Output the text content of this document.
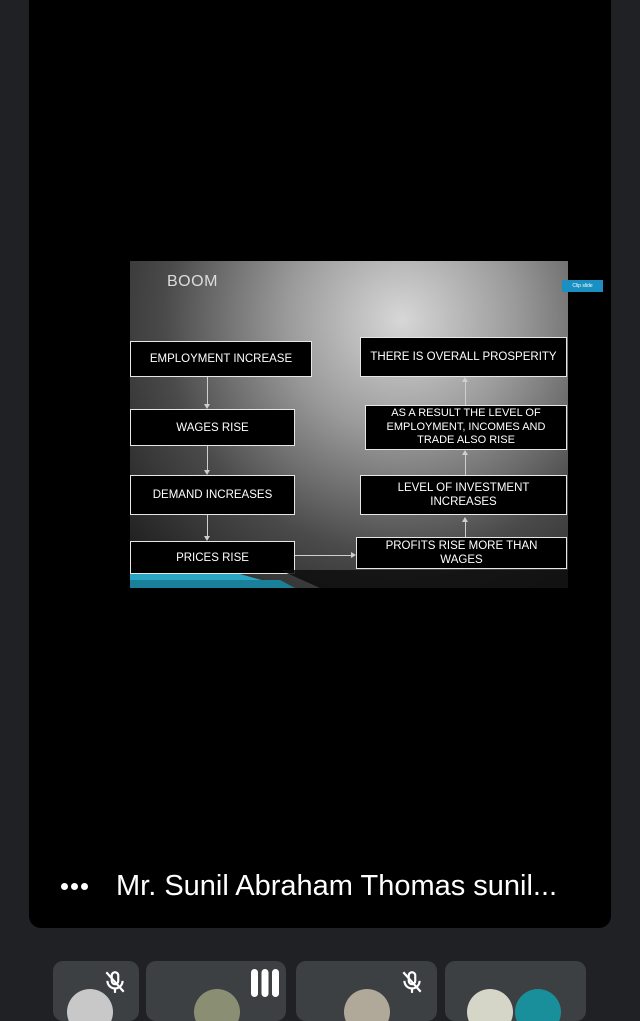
BOOM
EMPLOYMENT INCREASE
WAGES RISE
DEMAND INCREASES
PRICES RISE
THERE IS OVERALL PROSPERITY
AS A RESULT THE LEVEL OF EMPLOYMENT, INCOMES AND TRADE ALSO RISE
LEVEL OF INVESTMENT INCREASES
PROFITS RISE MORE THAN WAGES
Mr. Sunil Abraham Thomas sunil...
Clip slide
